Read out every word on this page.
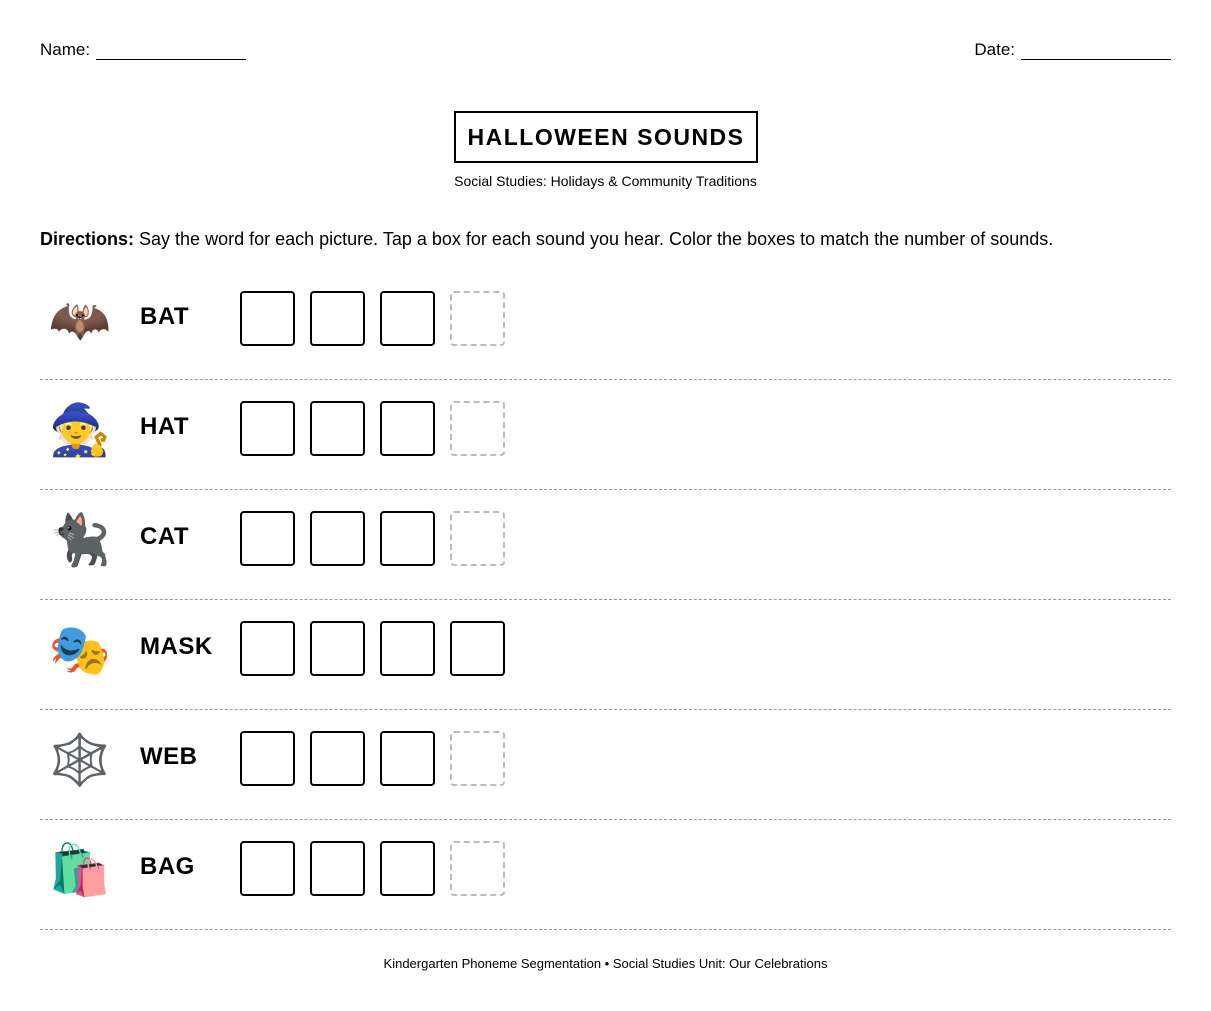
Name:	Date:
HALLOWEEN SOUNDS
Social Studies: Holidays & Community Traditions
Directions: Say the word for each picture. Tap a box for each sound you hear. Color the boxes to match the number of sounds.
🦇 BAT
🧙 HAT
🐈‍⬛ CAT
🎭 MASK
🕸️ WEB
🛍️ BAG
Kindergarten Phoneme Segmentation • Social Studies Unit: Our Celebrations
